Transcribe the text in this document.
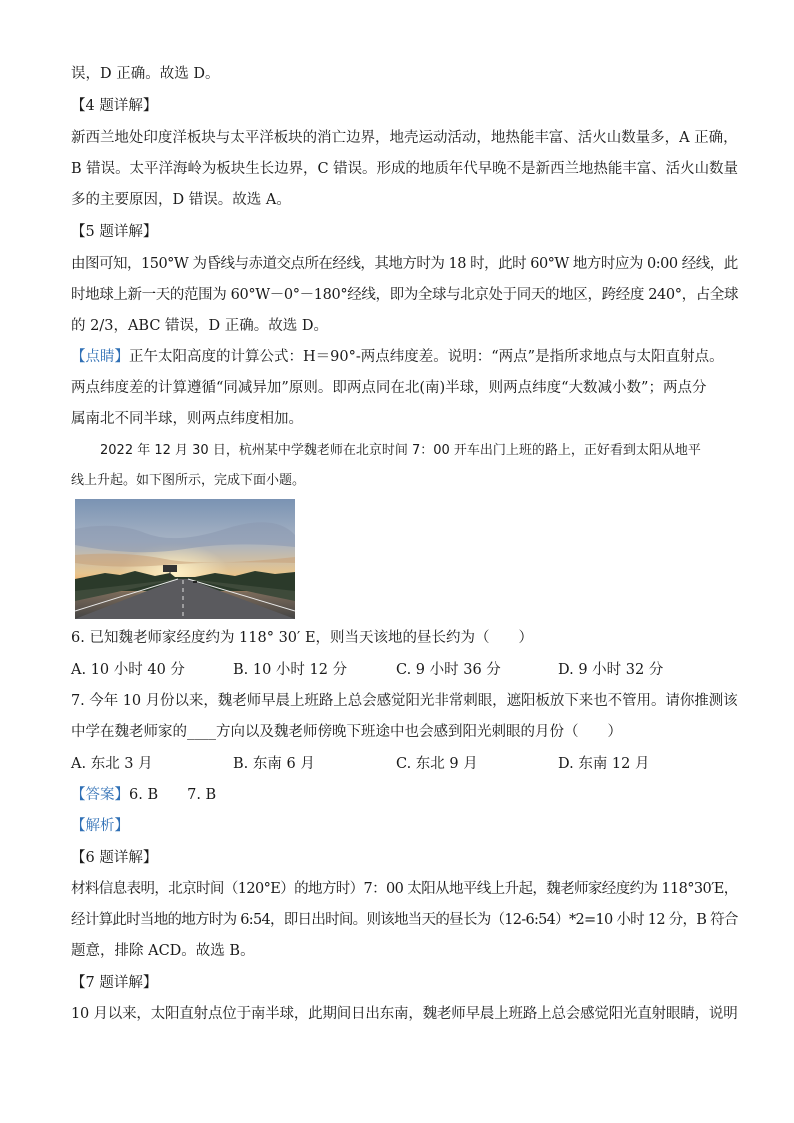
误，D 正确。故选 D。
【4 题详解】
新西兰地处印度洋板块与太平洋板块的消亡边界，地壳运动活动，地热能丰富、活火山数量多，A 正确，
B 错误。太平洋海岭为板块生长边界，C 错误。形成的地质年代早晚不是新西兰地热能丰富、活火山数量
多的主要原因，D 错误。故选 A。
【5 题详解】
由图可知，150°W 为昏线与赤道交点所在经线，其地方时为 18 时，此时 60°W 地方时应为 0:00 经线，此
时地球上新一天的范围为 60°W－0°－180°经线，即为全球与北京处于同天的地区，跨经度 240°，占全球
的 2/3，ABC 错误，D 正确。故选 D。
【点睛】正午太阳高度的计算公式：H＝90°-两点纬度差。说明：“两点”是指所求地点与太阳直射点。
两点纬度差的计算遵循“同减异加”原则。即两点同在北(南)半球，则两点纬度“大数减小数”；两点分
属南北不同半球，则两点纬度相加。
2022 年 12 月 30 日，杭州某中学魏老师在北京时间 7：00 开车出门上班的路上，正好看到太阳从地平
线上升起。如下图所示，完成下面小题。
6. 已知魏老师家经度约为 118° 30′ E，则当天该地的昼长约为（　　）
A. 10 小时 40 分	B. 10 小时 12 分	C. 9 小时 36 分	D. 9 小时 32 分
7. 今年 10 月份以来，魏老师早晨上班路上总会感觉阳光非常刺眼，遮阳板放下来也不管用。请你推测该
中学在魏老师家的____方向以及魏老师傍晚下班途中也会感到阳光刺眼的月份（　　）
A. 东北 3 月	B. 东南 6 月	C. 东北 9 月	D. 东南 12 月
【答案】6. B　　7. B
【解析】
【6 题详解】
材料信息表明，北京时间（120°E）的地方时）7：00 太阳从地平线上升起，魏老师家经度约为 118°30′E，
经计算此时当地的地方时为 6:54，即日出时间。则该地当天的昼长为（12-6:54）*2=10 小时 12 分，B 符合
题意，排除 ACD。故选 B。
【7 题详解】
10 月以来，太阳直射点位于南半球，此期间日出东南，魏老师早晨上班路上总会感觉阳光直射眼睛，说明
